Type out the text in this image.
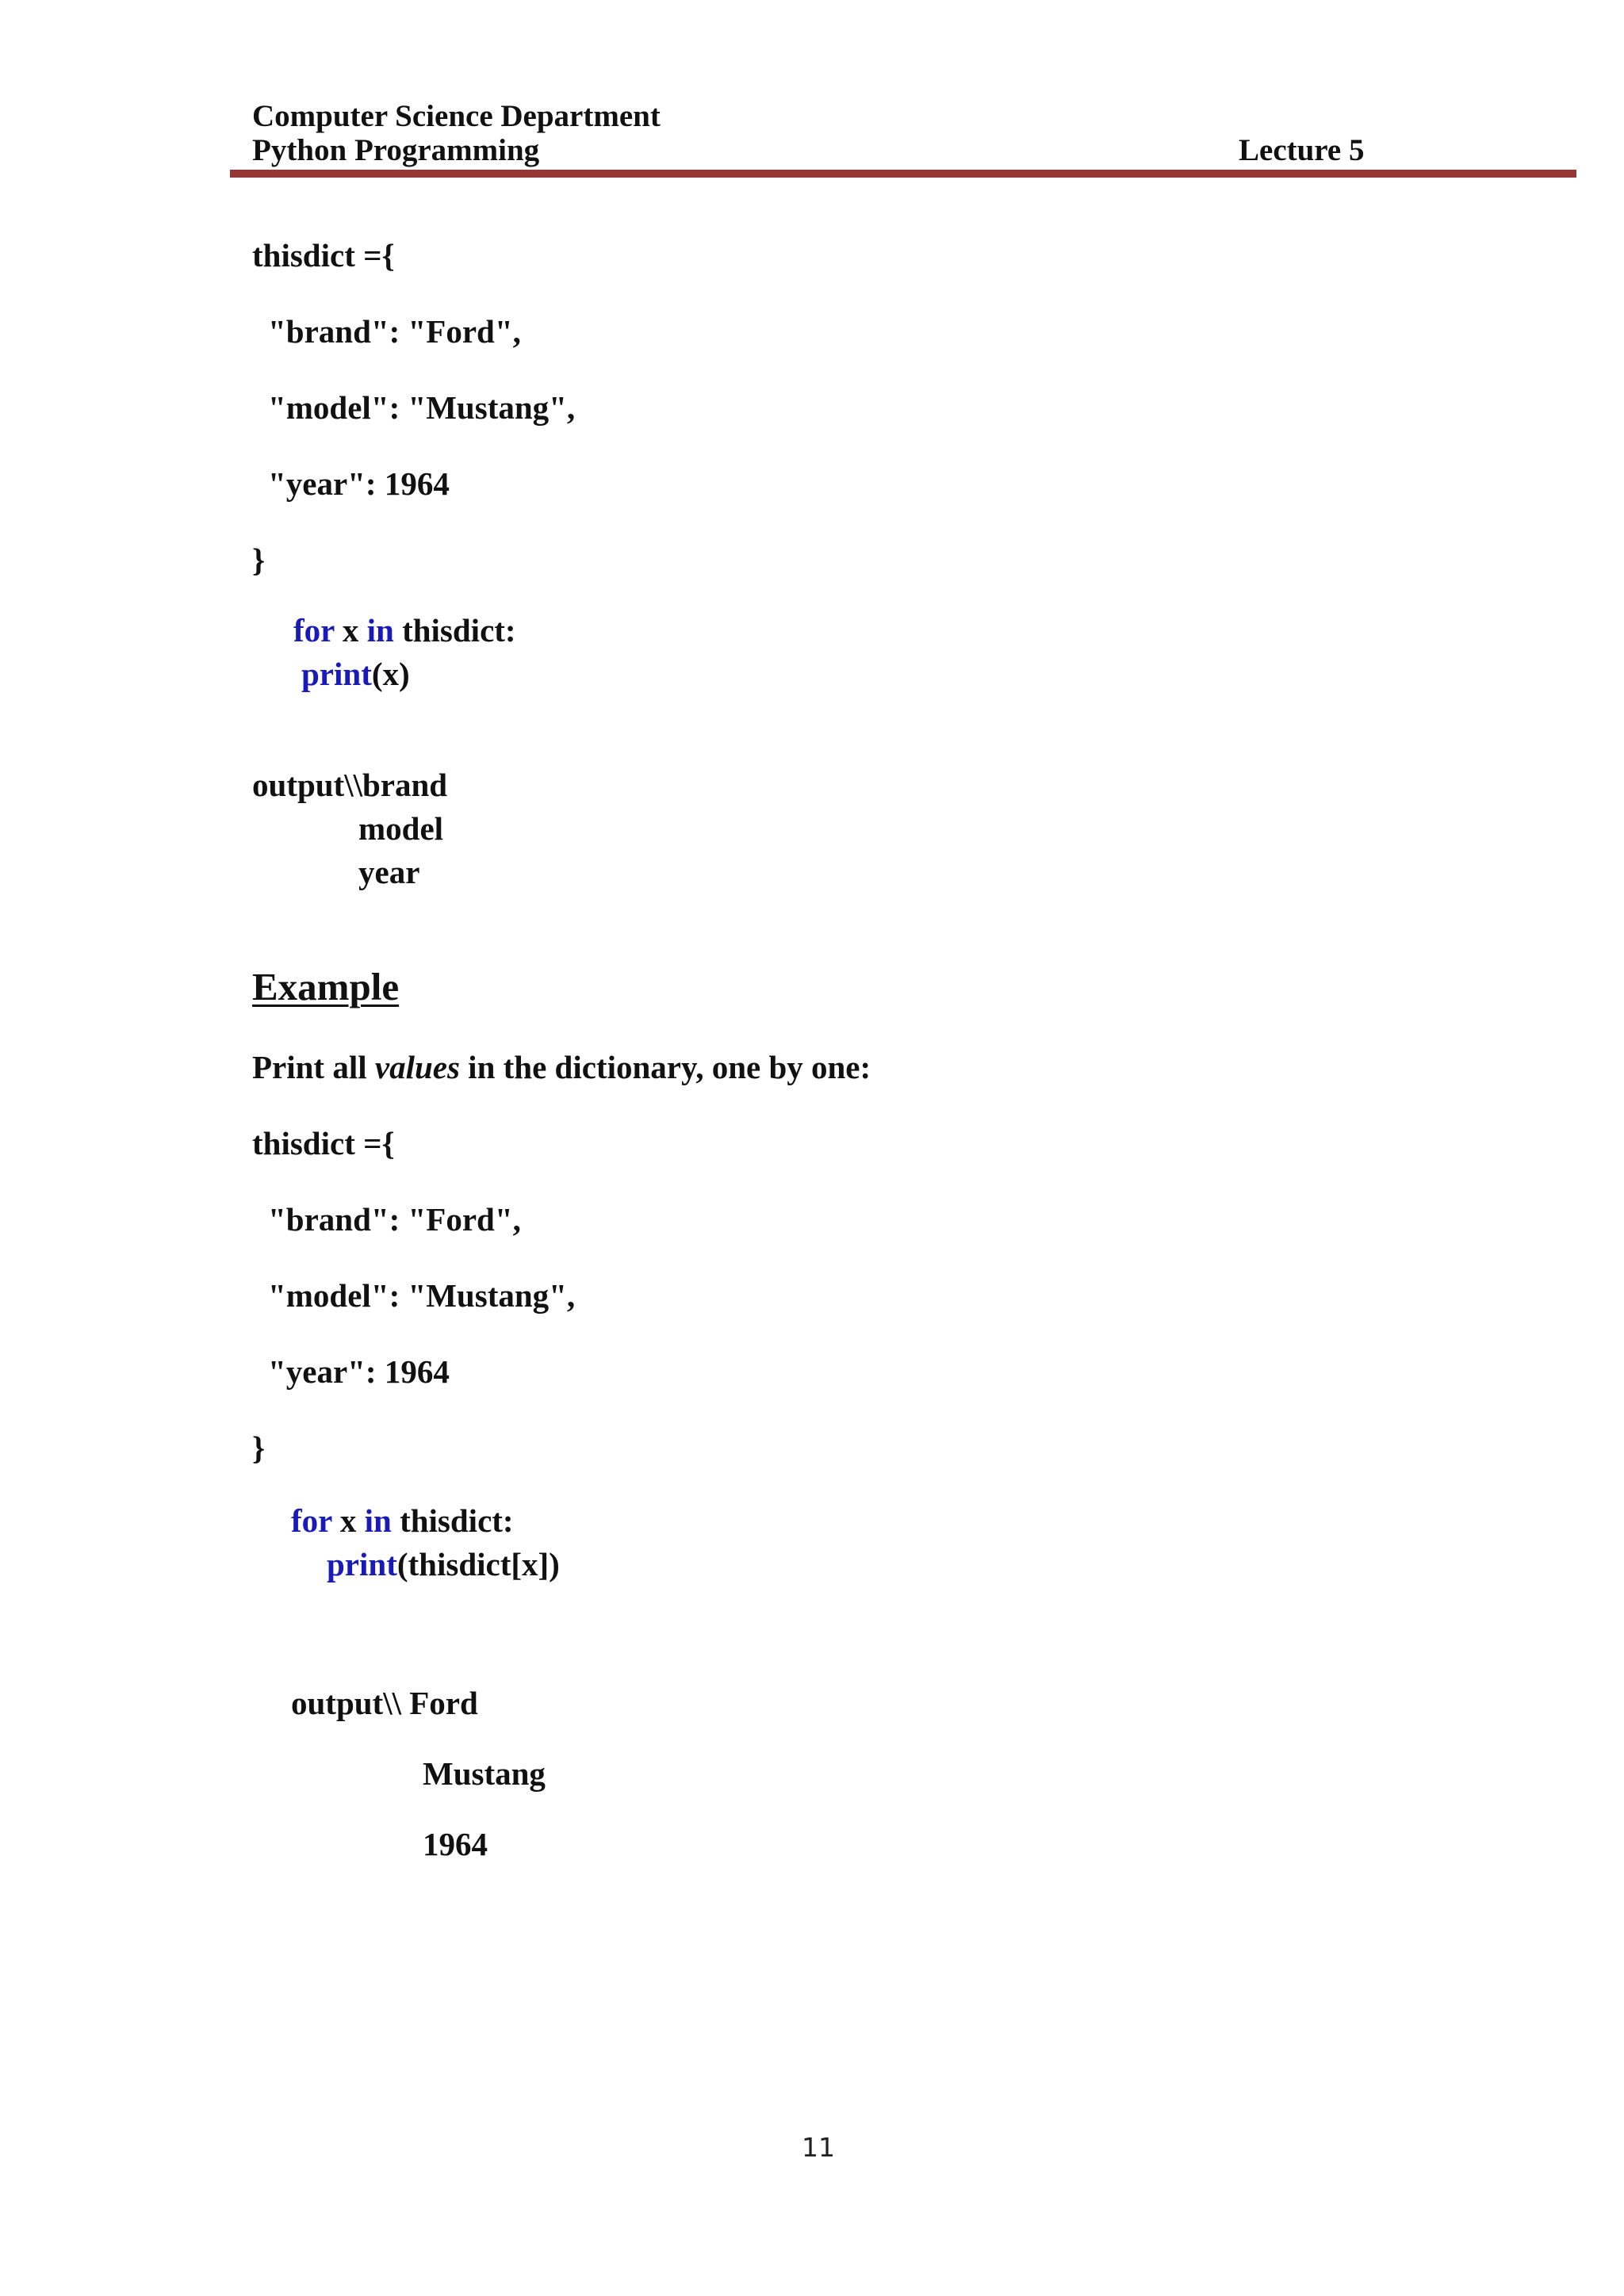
Computer Science Department
Python Programming	Lecture 5
thisdict ={
"brand": "Ford",
"model": "Mustang",
"year": 1964
}
for x in thisdict:
print(x)
output\\brand
model
year
Example
Print all values in the dictionary, one by one:
thisdict ={
"brand": "Ford",
"model": "Mustang",
"year": 1964
}
for x in thisdict:
print(thisdict[x])
output\\ Ford
Mustang
1964
11
